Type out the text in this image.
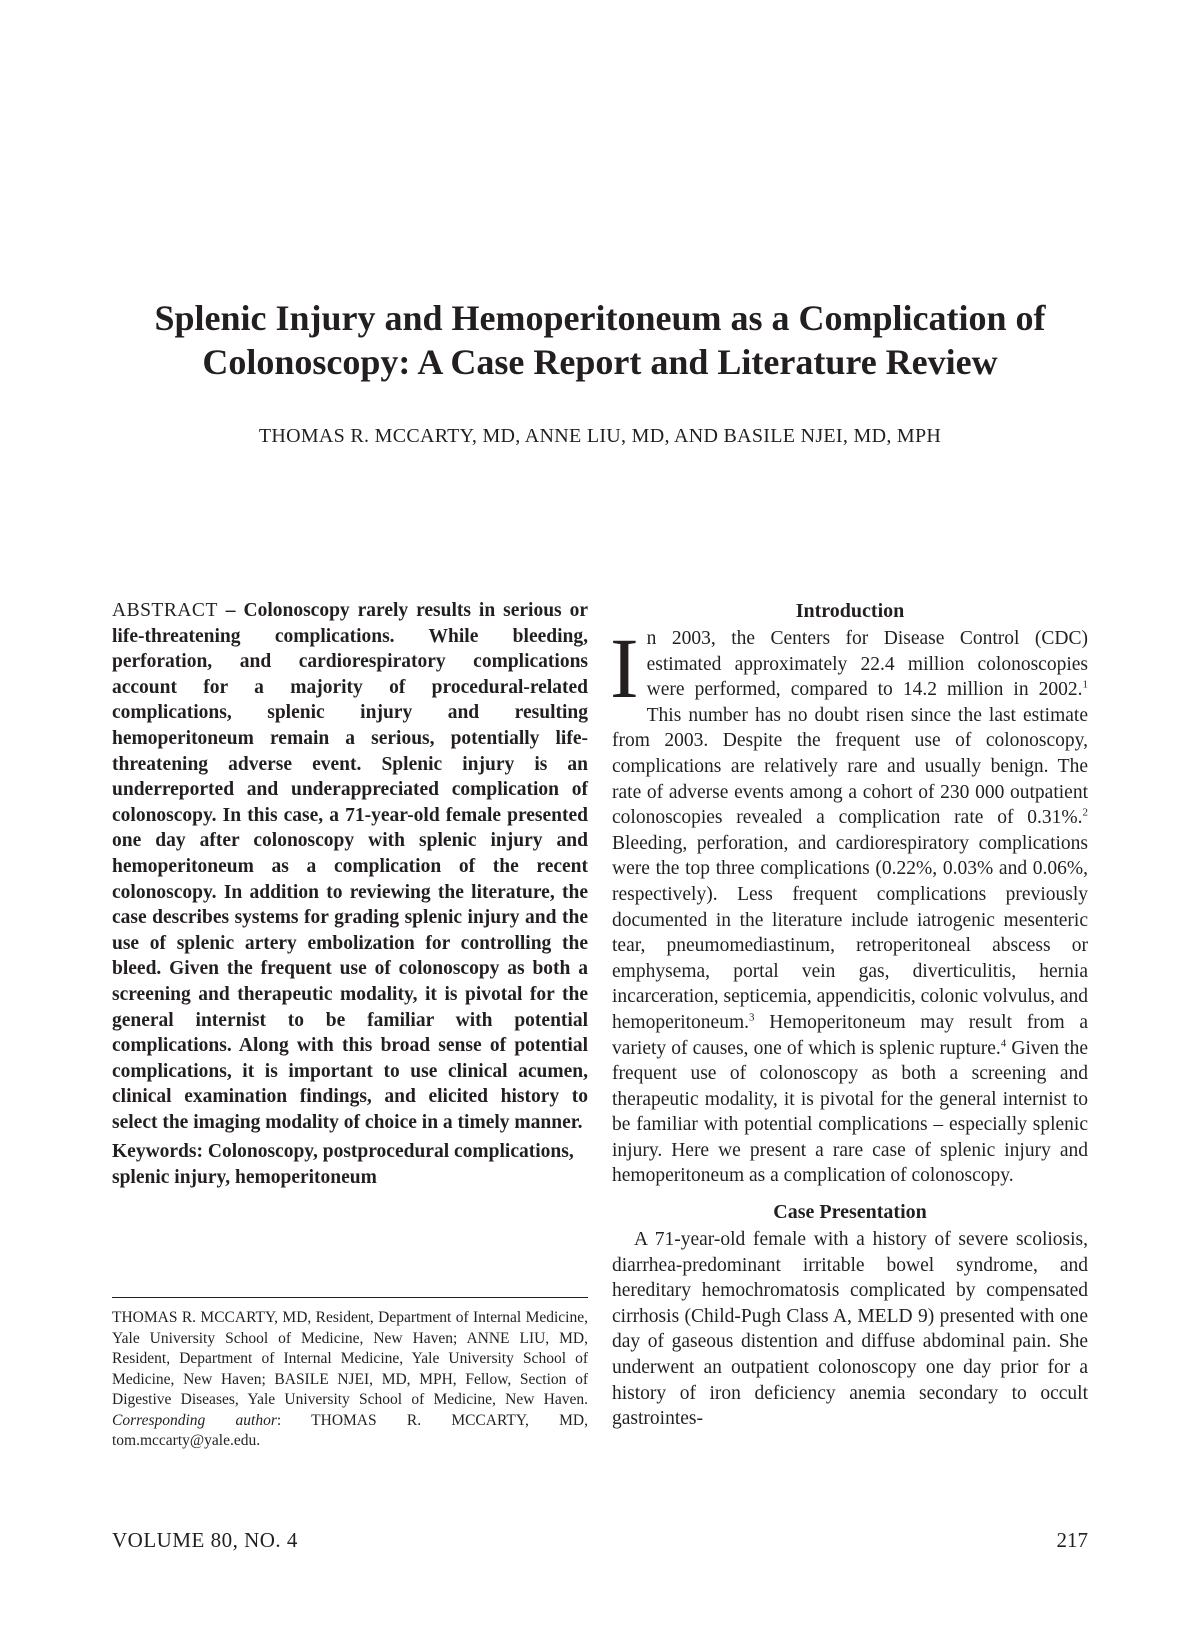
Splenic Injury and Hemoperitoneum as a Complication of
Colonoscopy: A Case Report and Literature Review
THOMAS R. MCCARTY, MD, ANNE LIU, MD, AND BASILE NJEI, MD, MPH

ABSTRACT – Colonoscopy rarely results in serious or life-threatening complications. While bleeding, perforation, and cardiorespiratory complications account for a majority of procedural-related complications, splenic injury and resulting hemoperitoneum remain a serious, potentially life-threatening adverse event. Splenic injury is an underreported and underappreciated complication of colonoscopy. In this case, a 71-year-old female presented one day after colonoscopy with splenic injury and hemoperitoneum as a complication of the recent colonoscopy. In addition to reviewing the literature, the case describes systems for grading splenic injury and the use of splenic artery embolization for controlling the bleed. Given the frequent use of colonoscopy as both a screening and therapeutic modality, it is pivotal for the general internist to be familiar with potential complications. Along with this broad sense of potential complications, it is important to use clinical acumen, clinical examination findings, and elicited history to select the imaging modality of choice in a timely manner.

Keywords: Colonoscopy, postprocedural complications, splenic injury, hemoperitoneum

THOMAS R. MCCARTY, MD, Resident, Department of Internal Medicine, Yale University School of Medicine, New Haven; ANNE LIU, MD, Resident, Department of Internal Medicine, Yale University School of Medicine, New Haven; BASILE NJEI, MD, MPH, Fellow, Section of Digestive Diseases, Yale University School of Medicine, New Haven. Corresponding author: THOMAS R. MCCARTY, MD, tom.mccarty@yale.edu.

Introduction

In 2003, the Centers for Disease Control (CDC) estimated approximately 22.4 million colonoscopies were performed, compared to 14.2 million in 2002.$^1$ This number has no doubt risen since the last estimate from 2003. Despite the frequent use of colonoscopy, complications are relatively rare and usually benign. The rate of adverse events among a cohort of 230 000 outpatient colonoscopies revealed a complication rate of 0.31%.$^2$ Bleeding, perforation, and cardiorespiratory complications were the top three complications (0.22%, 0.03% and 0.06%, respectively). Less frequent complications previously documented in the literature include iatrogenic mesenteric tear, pneumomediastinum, retroperitoneal abscess or emphysema, portal vein gas, diverticulitis, hernia incarceration, septicemia, appendicitis, colonic volvulus, and hemoperitoneum.$^3$ Hemoperitoneum may result from a variety of causes, one of which is splenic rupture.$^4$ Given the frequent use of colonoscopy as both a screening and therapeutic modality, it is pivotal for the general internist to be familiar with potential complications – especially splenic injury. Here we present a rare case of splenic injury and hemoperitoneum as a complication of colonoscopy.

Case Presentation

A 71-year-old female with a history of severe scoliosis, diarrhea-predominant irritable bowel syndrome, and hereditary hemochromatosis complicated by compensated cirrhosis (Child-Pugh Class A, MELD 9) presented with one day of gaseous distention and diffuse abdominal pain. She underwent an outpatient colonoscopy one day prior for a history of iron deficiency anemia secondary to occult gastrointes-

VOLUME 80, NO. 4	217
